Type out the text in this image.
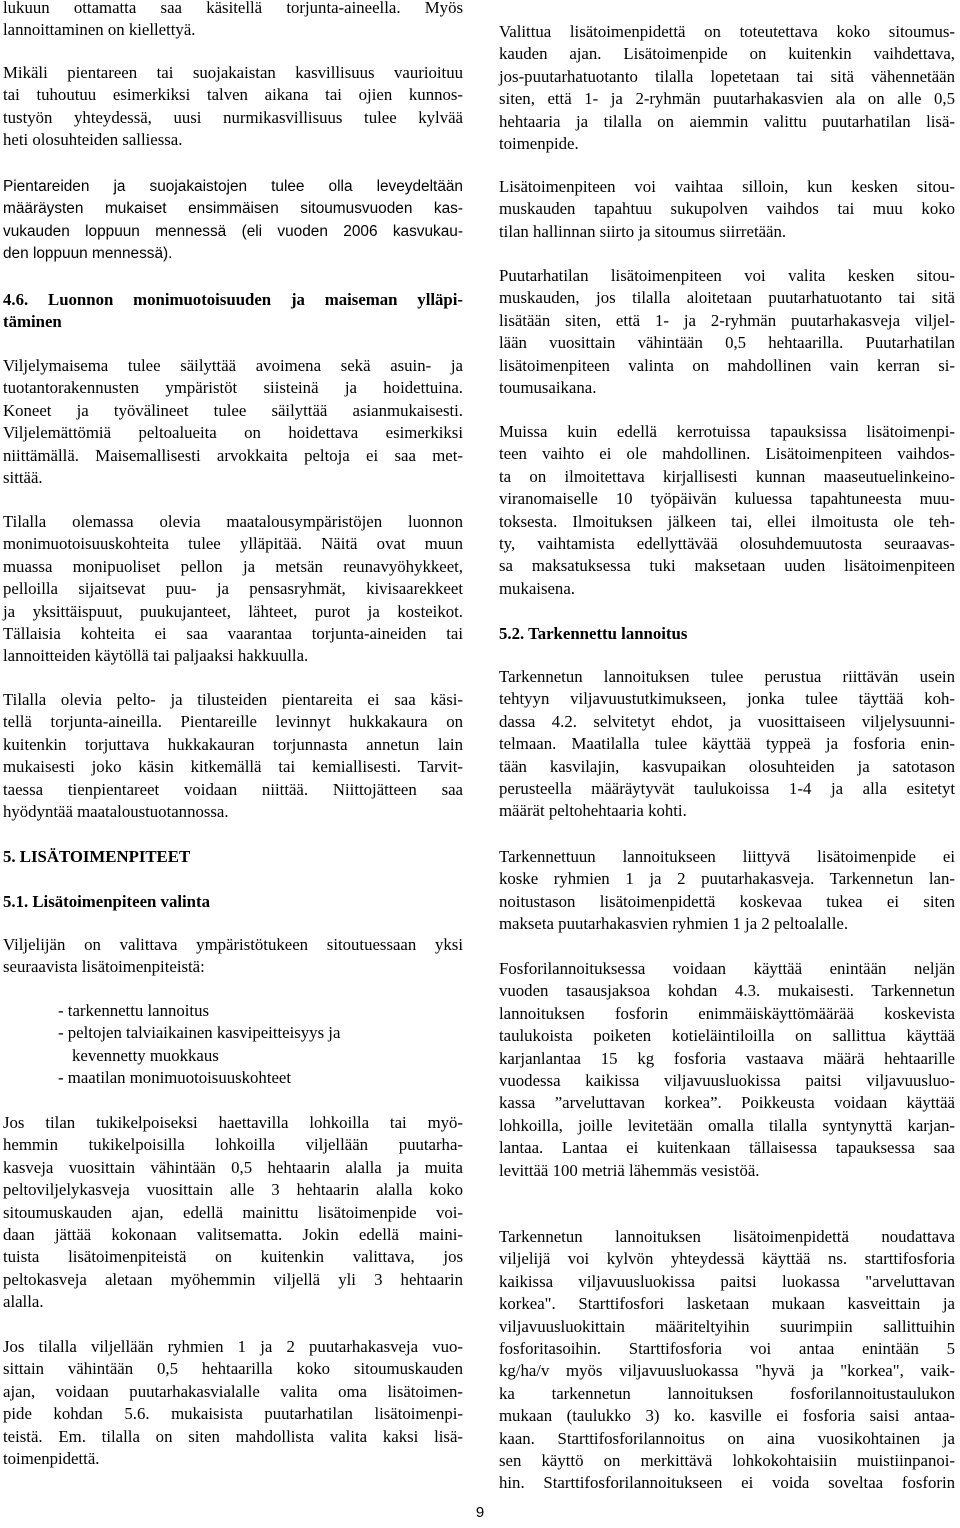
lukuun ottamatta saa käsitellä torjunta-aineella. Myös
lannoittaminen on kiellettyä.
Mikäli pientareen tai suojakaistan kasvillisuus vaurioituu
tai tuhoutuu esimerkiksi talven aikana tai ojien kunnos-
tustyön yhteydessä, uusi nurmikasvillisuus tulee kylvää
heti olosuhteiden salliessa.
Pientareiden ja suojakaistojen tulee olla leveydeltään
määräysten mukaiset ensimmäisen sitoumusvuoden kas-
vukauden loppuun mennessä (eli vuoden 2006 kasvukau-
den loppuun mennessä).
4.6. Luonnon monimuotoisuuden ja maiseman ylläpi-
täminen
Viljelymaisema tulee säilyttää avoimena sekä asuin- ja
tuotantorakennusten ympäristöt siisteinä ja hoidettuina.
Koneet ja työvälineet tulee säilyttää asianmukaisesti.
Viljelemättömiä peltoalueita on hoidettava esimerkiksi
niittämällä. Maisemallisesti arvokkaita peltoja ei saa met-
sittää.
Tilalla olemassa olevia maatalousympäristöjen luonnon
monimuotoisuuskohteita tulee ylläpitää. Näitä ovat muun
muassa monipuoliset pellon ja metsän reunavyöhykkeet,
pelloilla sijaitsevat puu- ja pensasryhmät, kivisaarekkeet
ja yksittäispuut, puukujanteet, lähteet, purot ja kosteikot.
Tällaisia kohteita ei saa vaarantaa torjunta-aineiden tai
lannoitteiden käytöllä tai paljaaksi hakkuulla.
Tilalla olevia pelto- ja tilusteiden pientareita ei saa käsi-
tellä torjunta-aineilla. Pientareille levinnyt hukkakaura on
kuitenkin torjuttava hukkakauran torjunnasta annetun lain
mukaisesti joko käsin kitkemällä tai kemiallisesti. Tarvit-
taessa tienpientareet voidaan niittää. Niittojätteen saa
hyödyntää maataloustuotannossa.
5. LISÄTOIMENPITEET
5.1. Lisätoimenpiteen valinta
Viljelijän on valittava ympäristötukeen sitoutuessaan yksi
seuraavista lisätoimenpiteistä:
- tarkennettu lannoitus
- peltojen talviaikainen kasvipeitteisyys ja
kevennetty muokkaus
- maatilan monimuotoisuuskohteet
Jos tilan tukikelpoiseksi haettavilla lohkoilla tai myö-
hemmin tukikelpoisilla lohkoilla viljellään puutarha-
kasveja vuosittain vähintään 0,5 hehtaarin alalla ja muita
peltoviljelykasveja vuosittain alle 3 hehtaarin alalla koko
sitoumuskauden ajan, edellä mainittu lisätoimenpide voi-
daan jättää kokonaan valitsematta. Jokin edellä maini-
tuista lisätoimenpiteistä on kuitenkin valittava, jos
peltokasveja aletaan myöhemmin viljellä yli 3 hehtaarin
alalla.
Jos tilalla viljellään ryhmien 1 ja 2 puutarhakasveja vuo-
sittain vähintään 0,5 hehtaarilla koko sitoumuskauden
ajan, voidaan puutarhakasvialalle valita oma lisätoimen-
pide kohdan 5.6. mukaisista puutarhatilan lisätoimenpi-
teistä. Em. tilalla on siten mahdollista valita kaksi lisä-
toimenpidettä.
Valittua lisätoimenpidettä on toteutettava koko sitoumus-
kauden ajan. Lisätoimenpide on kuitenkin vaihdettava,
jos-puutarhatuotanto tilalla lopetetaan tai sitä vähennetään
siten, että 1- ja 2-ryhmän puutarhakasvien ala on alle 0,5
hehtaaria ja tilalla on aiemmin valittu puutarhatilan lisä-
toimenpide.
Lisätoimenpiteen voi vaihtaa silloin, kun kesken sitou-
muskauden tapahtuu sukupolven vaihdos tai muu koko
tilan hallinnan siirto ja sitoumus siirretään.
Puutarhatilan lisätoimenpiteen voi valita kesken sitou-
muskauden, jos tilalla aloitetaan puutarhatuotanto tai sitä
lisätään siten, että 1- ja 2-ryhmän puutarhakasveja viljel-
lään vuosittain vähintään 0,5 hehtaarilla. Puutarhatilan
lisätoimenpiteen valinta on mahdollinen vain kerran si-
toumusaikana.
Muissa kuin edellä kerrotuissa tapauksissa lisätoimenpi-
teen vaihto ei ole mahdollinen. Lisätoimenpiteen vaihdos-
ta on ilmoitettava kirjallisesti kunnan maaseutuelinkeino-
viranomaiselle 10 työpäivän kuluessa tapahtuneesta muu-
toksesta. Ilmoituksen jälkeen tai, ellei ilmoitusta ole teh-
ty, vaihtamista edellyttävää olosuhdemuutosta seuraavas-
sa maksatuksessa tuki maksetaan uuden lisätoimenpiteen
mukaisena.
5.2. Tarkennettu lannoitus
Tarkennetun lannoituksen tulee perustua riittävän usein
tehtyyn viljavuustutkimukseen, jonka tulee täyttää koh-
dassa 4.2. selvitetyt ehdot, ja vuosittaiseen viljelysuunni-
telmaan. Maatilalla tulee käyttää typpeä ja fosforia enin-
tään kasvilajin, kasvupaikan olosuhteiden ja satotason
perusteella määräytyvät taulukoissa 1-4 ja alla esitetyt
määrät peltohehtaaria kohti.
Tarkennettuun lannoitukseen liittyvä lisätoimenpide ei
koske ryhmien 1 ja 2 puutarhakasveja. Tarkennetun lan-
noitustason lisätoimenpidettä koskevaa tukea ei siten
makseta puutarhakasvien ryhmien 1 ja 2 peltoalalle.
Fosforilannoituksessa voidaan käyttää enintään neljän
vuoden tasausjaksoa kohdan 4.3. mukaisesti. Tarkennetun
lannoituksen fosforin enimmäiskäyttömäärää koskevista
taulukoista poiketen kotieläintiloilla on sallittua käyttää
karjanlantaa 15 kg fosforia vastaava määrä hehtaarille
vuodessa kaikissa viljavuusluokissa paitsi viljavuusluo-
kassa ”arveluttavan korkea”. Poikkeusta voidaan käyttää
lohkoilla, joille levitetään omalla tilalla syntynyttä karjan-
lantaa. Lantaa ei kuitenkaan tällaisessa tapauksessa saa
levittää 100 metriä lähemmäs vesistöä.
Tarkennetun lannoituksen lisätoimenpidettä noudattava
viljelijä voi kylvön yhteydessä käyttää ns. starttifosforia
kaikissa viljavuusluokissa paitsi luokassa "arveluttavan
korkea". Starttifosfori lasketaan mukaan kasveittain ja
viljavuusluokittain määriteltyihin suurimpiin sallittuihin
fosforitasoihin. Starttifosforia voi antaa enintään 5
kg/ha/v myös viljavuusluokassa "hyvä ja "korkea", vaik-
ka tarkennetun lannoituksen fosforilannoitustaulukon
mukaan (taulukko 3) ko. kasville ei fosforia saisi antaa-
kaan. Starttifosforilannoitus on aina vuosikohtainen ja
sen käyttö on merkittävä lohkokohtaisiin muistiinpanoi-
hin. Starttifosforilannoitukseen ei voida soveltaa fosforin
9
